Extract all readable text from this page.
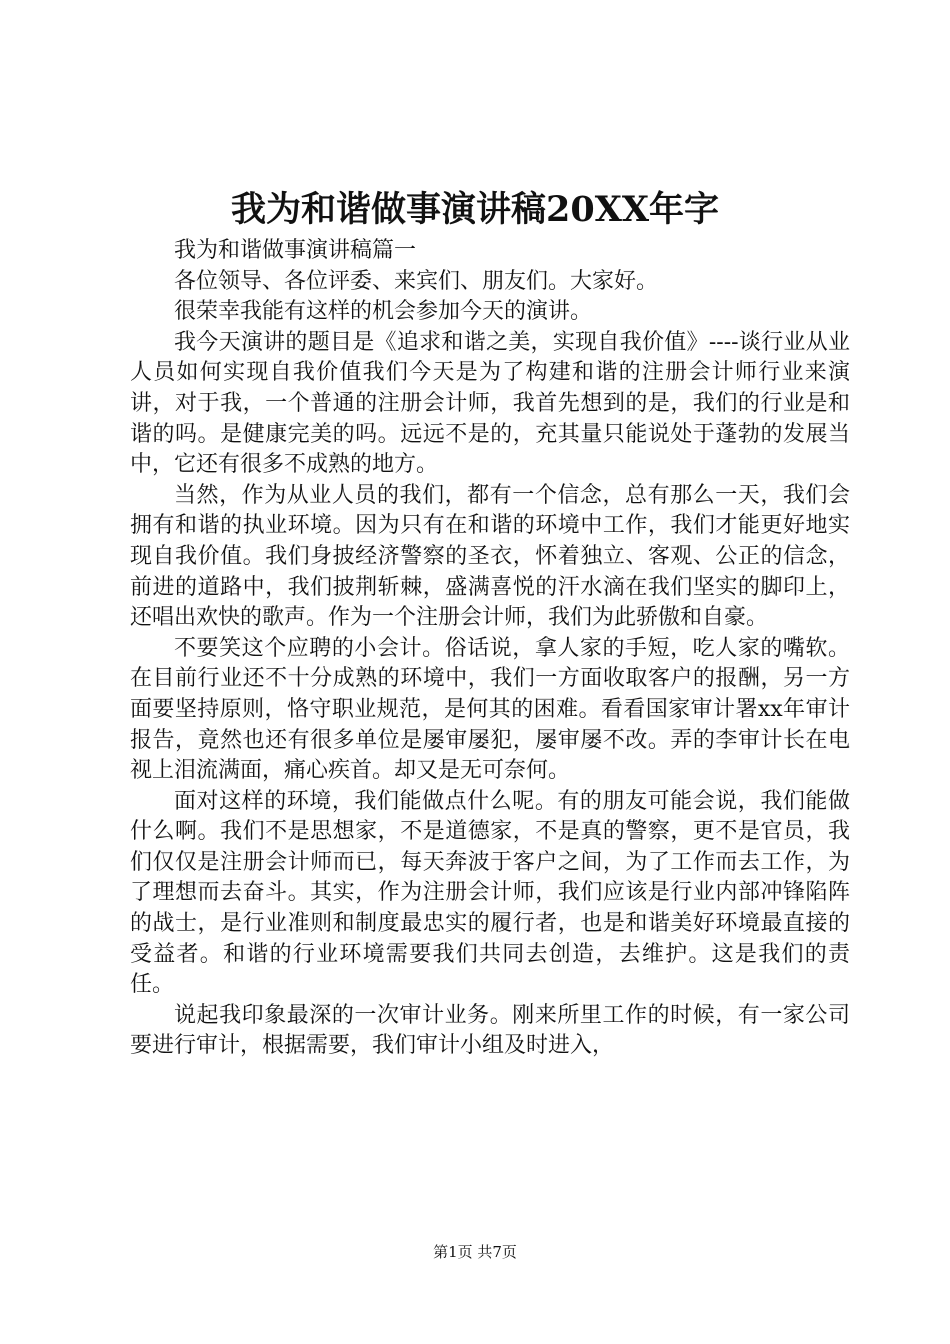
我为和谐做事演讲稿20XX年字

我为和谐做事演讲稿篇一

各位领导、各位评委、来宾们、朋友们。大家好。

很荣幸我能有这样的机会参加今天的演讲。

我今天演讲的题目是《追求和谐之美，实现自我价值》----谈行业从业人员如何实现自我价值我们今天是为了构建和谐的注册会计师行业来演讲，对于我，一个普通的注册会计师，我首先想到的是，我们的行业是和谐的吗。是健康完美的吗。远远不是的，充其量只能说处于蓬勃的发展当中，它还有很多不成熟的地方。

当然，作为从业人员的我们，都有一个信念，总有那么一天，我们会拥有和谐的执业环境。因为只有在和谐的环境中工作，我们才能更好地实现自我价值。我们身披经济警察的圣衣，怀着独立、客观、公正的信念，前进的道路中，我们披荆斩棘，盛满喜悦的汗水滴在我们坚实的脚印上，还唱出欢快的歌声。作为一个注册会计师，我们为此骄傲和自豪。

不要笑这个应聘的小会计。俗话说，拿人家的手短，吃人家的嘴软。在目前行业还不十分成熟的环境中，我们一方面收取客户的报酬，另一方面要坚持原则，恪守职业规范，是何其的困难。看看国家审计署xx年审计报告，竟然也还有很多单位是屡审屡犯，屡审屡不改。弄的李审计长在电视上泪流满面，痛心疾首。却又是无可奈何。

面对这样的环境，我们能做点什么呢。有的朋友可能会说，我们能做什么啊。我们不是思想家，不是道德家，不是真的警察，更不是官员，我们仅仅是注册会计师而已，每天奔波于客户之间，为了工作而去工作，为了理想而去奋斗。其实，作为注册会计师，我们应该是行业内部冲锋陷阵的战士，是行业准则和制度最忠实的履行者，也是和谐美好环境最直接的受益者。和谐的行业环境需要我们共同去创造，去维护。这是我们的责任。

说起我印象最深的一次审计业务。刚来所里工作的时候，有一家公司要进行审计，根据需要，我们审计小组及时进入，

第1页 共7页
